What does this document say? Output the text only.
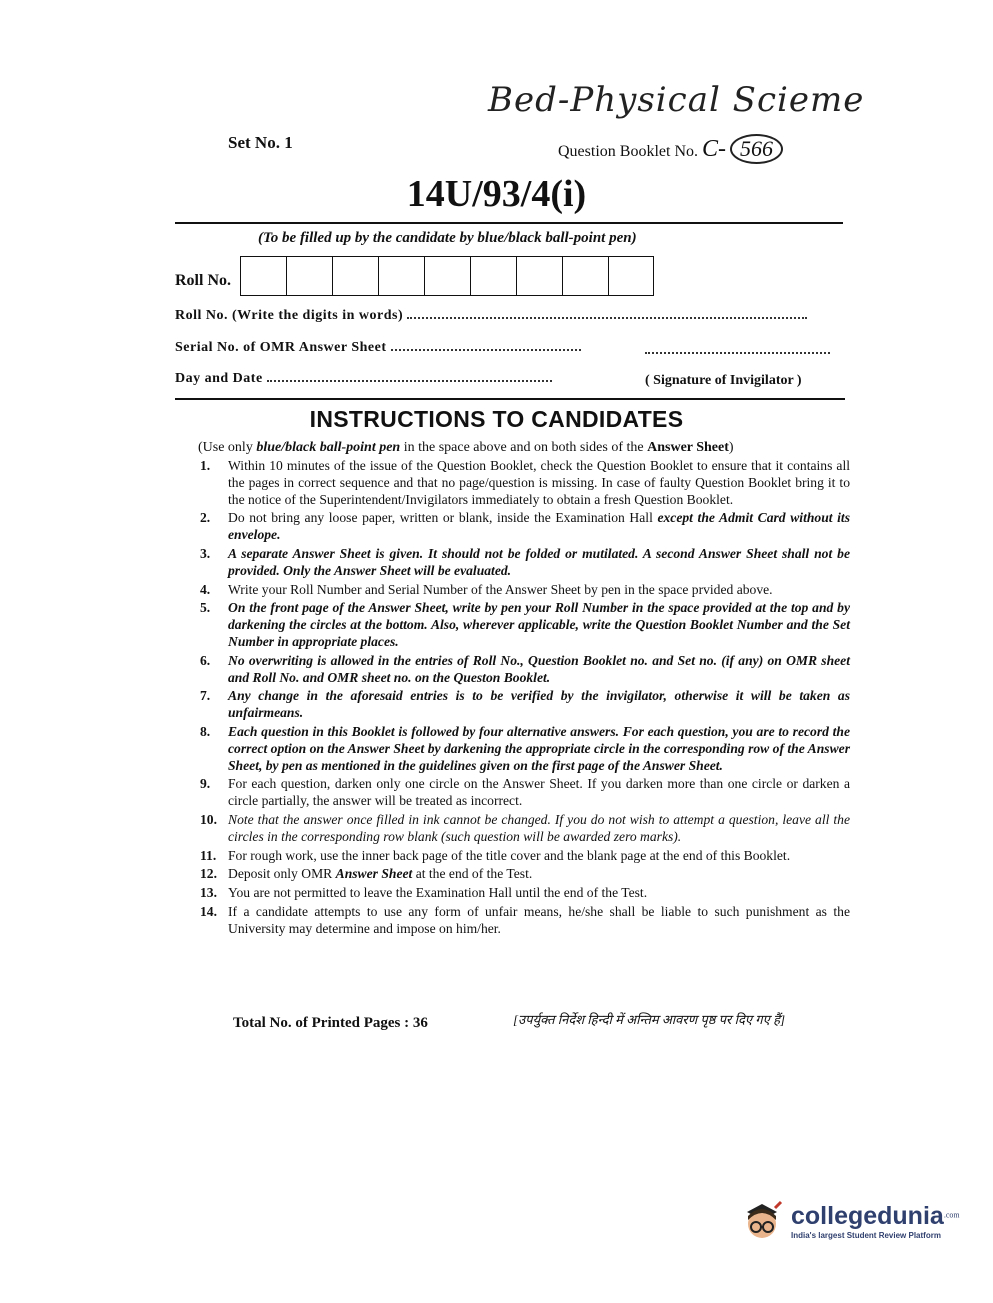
Bed-Physical Scieme
Set No. 1	Question Booklet No. C- 566
14U/93/4(i)
(To be filled up by the candidate by blue/black ball-point pen)
Roll No.
Roll No. (Write the digits in words)
Serial No. of OMR Answer Sheet
Day and Date	( Signature of Invigilator )
INSTRUCTIONS TO CANDIDATES
(Use only blue/black ball-point pen in the space above and on both sides of the Answer Sheet)
1.	Within 10 minutes of the issue of the Question Booklet, check the Question Booklet to ensure that it contains all the pages in correct sequence and that no page/question is missing. In case of faulty Question Booklet bring it to the notice of the Superintendent/Invigilators immediately to obtain a fresh Question Booklet.
2.	Do not bring any loose paper, written or blank, inside the Examination Hall except the Admit Card without its envelope.
3.	A separate Answer Sheet is given. It should not be folded or mutilated. A second Answer Sheet shall not be provided. Only the Answer Sheet will be evaluated.
4.	Write your Roll Number and Serial Number of the Answer Sheet by pen in the space prvided above.
5.	On the front page of the Answer Sheet, write by pen your Roll Number in the space provided at the top and by darkening the circles at the bottom. Also, wherever applicable, write the Question Booklet Number and the Set Number in appropriate places.
6.	No overwriting is allowed in the entries of Roll No., Question Booklet no. and Set no. (if any) on OMR sheet and Roll No. and OMR sheet no. on the Queston Booklet.
7.	Any change in the aforesaid entries is to be verified by the invigilator, otherwise it will be taken as unfairmeans.
8.	Each question in this Booklet is followed by four alternative answers. For each question, you are to record the correct option on the Answer Sheet by darkening the appropriate circle in the corresponding row of the Answer Sheet, by pen as mentioned in the guidelines given on the first page of the Answer Sheet.
9.	For each question, darken only one circle on the Answer Sheet. If you darken more than one circle or darken a circle partially, the answer will be treated as incorrect.
10. Note that the answer once filled in ink cannot be changed. If you do not wish to attempt a question, leave all the circles in the corresponding row blank (such question will be awarded zero marks).
11. For rough work, use the inner back page of the title cover and the blank page at the end of this Booklet.
12. Deposit only OMR Answer Sheet at the end of the Test.
13. You are not permitted to leave the Examination Hall until the end of the Test.
14. If a candidate attempts to use any form of unfair means, he/she shall be liable to such punishment as the University may determine and impose on him/her.
Total No. of Printed Pages : 36	[उपर्युक्त निर्देश हिन्दी में अन्तिम आवरण पृष्ठ पर दिए गए हैं]
collegedunia$^{.com}$
India's largest Student Review Platform
